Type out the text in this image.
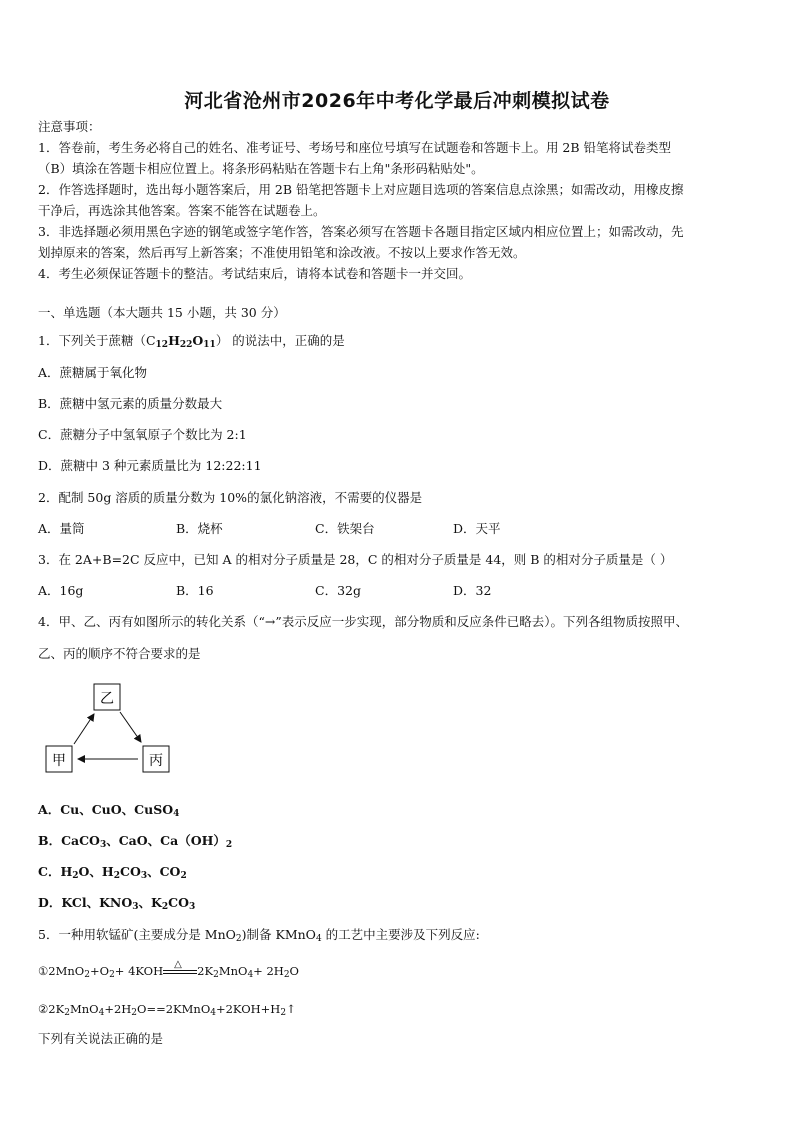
河北省沧州市2026年中考化学最后冲刺模拟试卷
注意事项：
1．答卷前，考生务必将自己的姓名、准考证号、考场号和座位号填写在试题卷和答题卡上。用 2B 铅笔将试卷类型
（B）填涂在答题卡相应位置上。将条形码粘贴在答题卡右上角"条形码粘贴处"。
2．作答选择题时，选出每小题答案后，用 2B 铅笔把答题卡上对应题目选项的答案信息点涂黑；如需改动，用橡皮擦
干净后，再选涂其他答案。答案不能答在试题卷上。
3．非选择题必须用黑色字迹的钢笔或签字笔作答，答案必须写在答题卡各题目指定区域内相应位置上；如需改动，先
划掉原来的答案，然后再写上新答案；不准使用铅笔和涂改液。不按以上要求作答无效。
4．考生必须保证答题卡的整洁。考试结束后，请将本试卷和答题卡一并交回。
一、单选题（本大题共 15 小题，共 30 分）
1．下列关于蔗糖$(C_{12}H_{22}O_{11})$ 的说法中，正确的是
A．蔗糖属于氧化物
B．蔗糖中氢元素的质量分数最大
C．蔗糖分子中氢氧原子个数比为 2:1
D．蔗糖中 3 种元素质量比为 12:22:11
2．配制 50g 溶质的质量分数为 10%的氯化钠溶液，不需要的仪器是
A．量筒	B．烧杯	C．铁架台	D．天平
3．在 2A+B=2C 反应中，已知 A 的相对分子质量是 28，C 的相对分子质量是 44，则 B 的相对分子质量是（ ）
A．16g	B．16	C．32g	D．32
4．甲、乙、丙有如图所示的转化关系（“→”表示反应一步实现，部分物质和反应条件已略去）。下列各组物质按照甲、
乙、丙的顺序不符合要求的是
乙
甲	丙
A．Cu、CuO、CuSO$_4$
B．CaCO$_3$、CaO、$Ca(OH)_2$
C．$H_2O$、$H_2CO_3$、$CO_2$
D．KCl、$KNO_3$、$K_2CO_3$
5．一种用软锰矿(主要成分是 MnO$_2$)制备 KMnO$_4$ 的工艺中主要涉及下列反应:
$①2MnO_2+O_2+ 4KOH$ △ $2K_2MnO_4+ 2H_2O$
$②2K_2MnO_4+2H_2O==2KMnO_4+2KOH+H_2↑$
下列有关说法正确的是
